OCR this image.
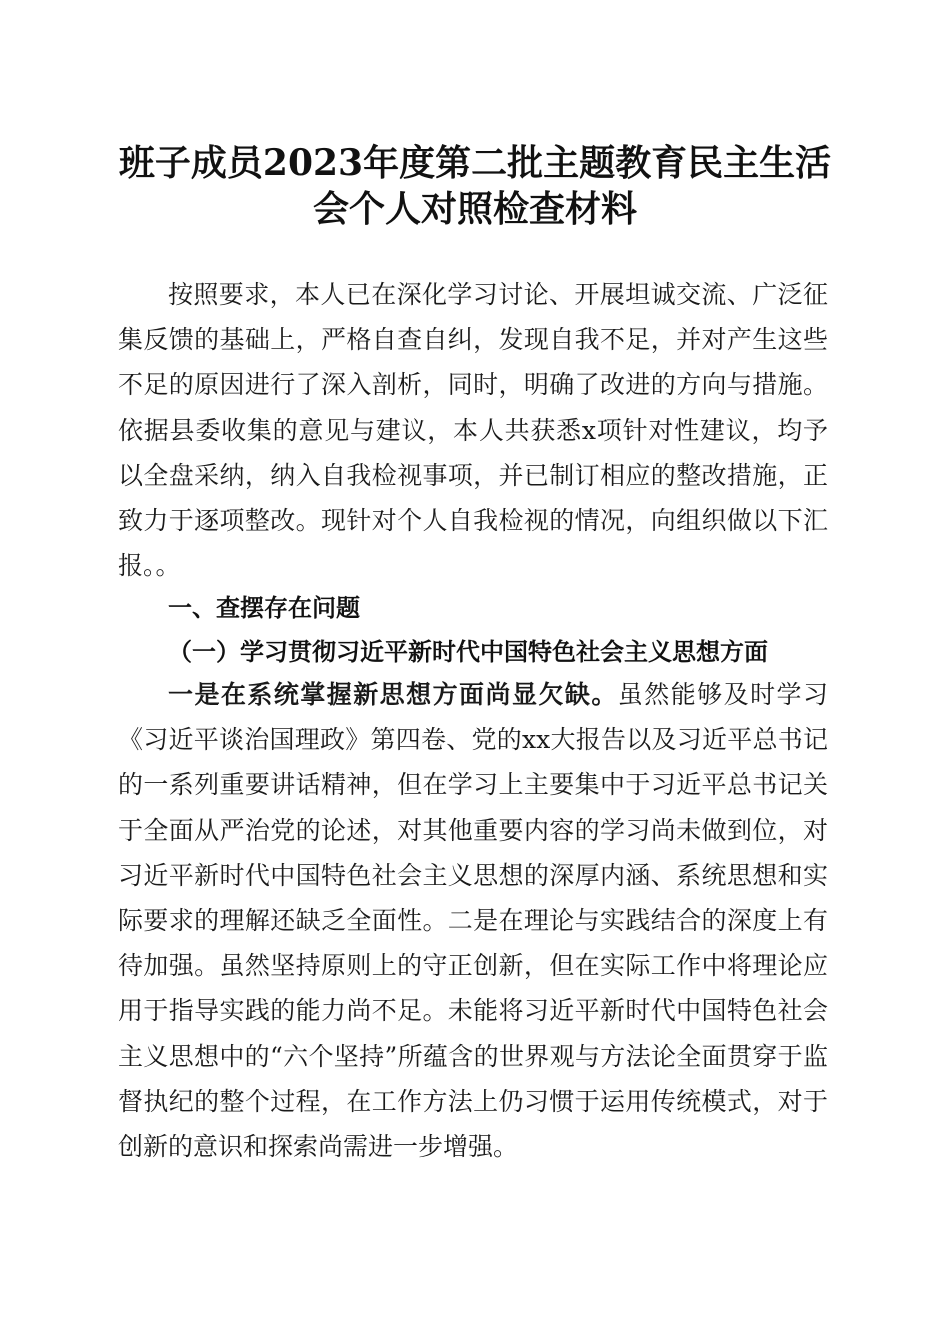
班子成员2023年度第二批主题教育民主生活
会个人对照检查材料

按照要求，本人已在深化学习讨论、开展坦诚交流、广泛征集反馈的基础上，严格自查自纠，发现自我不足，并对产生这些不足的原因进行了深入剖析，同时，明确了改进的方向与措施。依据县委收集的意见与建议，本人共获悉x项针对性建议，均予以全盘采纳，纳入自我检视事项，并已制订相应的整改措施，正致力于逐项整改。现针对个人自我检视的情况，向组织做以下汇报。。

一、查摆存在问题
（一）学习贯彻习近平新时代中国特色社会主义思想方面

一是在系统掌握新思想方面尚显欠缺。虽然能够及时学习《习近平谈治国理政》第四卷、党的xx大报告以及习近平总书记的一系列重要讲话精神，但在学习上主要集中于习近平总书记关于全面从严治党的论述，对其他重要内容的学习尚未做到位，对习近平新时代中国特色社会主义思想的深厚内涵、系统思想和实际要求的理解还缺乏全面性。二是在理论与实践结合的深度上有待加强。虽然坚持原则上的守正创新，但在实际工作中将理论应用于指导实践的能力尚不足。未能将习近平新时代中国特色社会主义思想中的“六个坚持”所蕴含的世界观与方法论全面贯穿于监督执纪的整个过程，在工作方法上仍习惯于运用传统模式，对于创新的意识和探索尚需进一步增强。
